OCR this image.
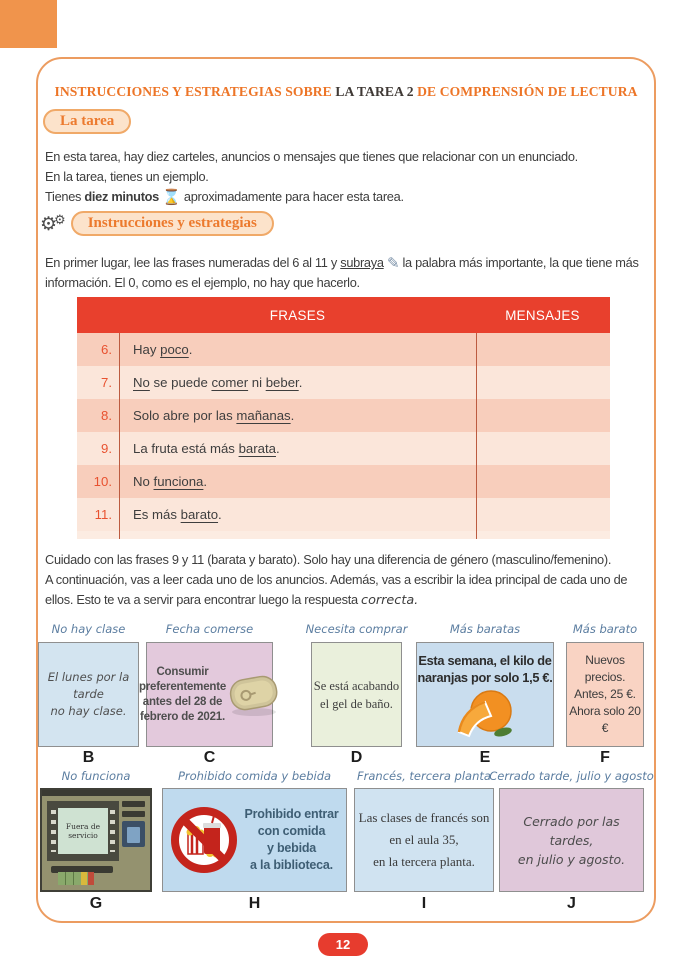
INSTRUCCIONES Y ESTRATEGIAS SOBRE LA TAREA 2 DE COMPRENSIÓN DE LECTURA
La tarea
En esta tarea, hay diez carteles, anuncios o mensajes que tienes que relacionar con un enunciado.
En la tarea, tienes un ejemplo.
Tienes diez minutos ⌛ aproximadamente para hacer esta tarea.
⚙⚙	Instrucciones y estrategias
En primer lugar, lee las frases numeradas del 6 al 11 y subraya ✎ la palabra más importante, la que tiene más información. El 0, como es el ejemplo, no hay que hacerlo.
FRASES	MENSAJES
6.	Hay poco.
7.	No se puede comer ni beber.
8.	Solo abre por las mañanas.
9.	La fruta está más barata.
10.	No funciona.
11.	Es más barato.
Cuidado con las frases 9 y 11 (barata y barato). Solo hay una diferencia de género (masculino/femenino).
A continuación, vas a leer cada uno de los anuncios. Además, vas a escribir la idea principal de cada uno de ellos. Esto te va a servir para encontrar luego la respuesta correcta.
No hay clase
El lunes por la tarde
no hay clase.
B
Fecha comerse
Consumir
preferentemente
antes del 28 de
febrero de 2021.
C
Necesita comprar
Se está acabando
el gel de baño.
D
Más baratas
Esta semana, el kilo de
naranjas por solo 1,5 €.
E
Más barato
Nuevos precios.
Antes, 25 €.
Ahora solo 20 €
F
No funciona
Fuera de servicio
G
Prohibido comida y bebida
Prohibido entrar
con comida
y bebida
a la biblioteca.
H
Francés, tercera planta
Las clases de francés son
en el aula 35,
en la tercera planta.
I
Cerrado tarde, julio y agosto
Cerrado por las tardes,
en julio y agosto.
J
12
